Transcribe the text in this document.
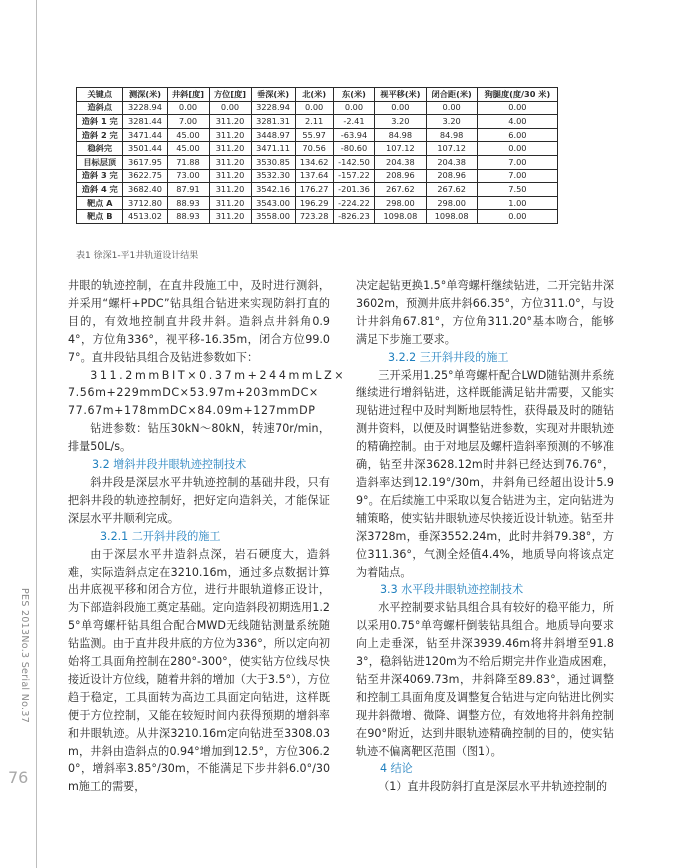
PES 2013No.3 Serial No.37
76
关键点	测深(米)	井斜[度]	方位[度]	垂深(米)	北(米)	东(米)	视平移(米)	闭合距(米)	狗腿度(度/30 米)
造斜点	3228.94	0.00	0.00	3228.94	0.00	0.00	0.00	0.00	0.00
造斜 1 完	3281.44	7.00	311.20	3281.31	2.11	-2.41	3.20	3.20	4.00
造斜 2 完	3471.44	45.00	311.20	3448.97	55.97	-63.94	84.98	84.98	6.00
稳斜完	3501.44	45.00	311.20	3471.11	70.56	-80.60	107.12	107.12	0.00
目标层顶	3617.95	71.88	311.20	3530.85	134.62	-142.50	204.38	204.38	7.00
造斜 3 完	3622.75	73.00	311.20	3532.30	137.64	-157.22	208.96	208.96	7.00
造斜 4 完	3682.40	87.91	311.20	3542.16	176.27	-201.36	267.62	267.62	7.50
靶点 A	3712.80	88.93	311.20	3543.00	196.29	-224.22	298.00	298.00	1.00
靶点 B	4513.02	88.93	311.20	3558.00	723.28	-826.23	1098.08	1098.08	0.00
表1 徐深1-平1井轨道设计结果

井眼的轨迹控制，在直井段施工中，及时进行测斜，并采用“螺杆+PDC”钻具组合钻进来实现防斜打直的目的，有效地控制直井段井斜。造斜点井斜角0.94°，方位角336°，视平移-16.35m，闭合方位99.07°。直井段钻具组合及钻进参数如下：

311.2mmBIT×0.37m+244mmLZ×

7.56m+229mmDC×53.97m+203mmDC×

77.67m+178mmDC×84.09m+127mmDP

钻进参数：钻压30kN～80kN，转速70r/min，排量50L/s。

3.2 增斜井段井眼轨迹控制技术

斜井段是深层水平井轨迹控制的基础井段，只有把斜井段的轨迹控制好，把好定向造斜关，才能保证深层水平井顺利完成。

3.2.1 二开斜井段的施工

由于深层水平井造斜点深，岩石硬度大，造斜难，实际造斜点定在3210.16m，通过多点数据计算出井底视平移和闭合方位，进行井眼轨道修正设计，为下部造斜段施工奠定基础。定向造斜段初期选用1.25°单弯螺杆钻具组合配合MWD无线随钻测量系统随钻监测。由于直井段井底的方位为336°，所以定向初始将工具面角控制在280°-300°，使实钻方位线尽快接近设计方位线，随着井斜的增加（大于3.5°），方位趋于稳定，工具面转为高边工具面定向钻进，这样既便于方位控制，又能在较短时间内获得预期的增斜率和井眼轨迹。从井深3210.16m定向钻进至3308.03m，井斜由造斜点的0.94°增加到12.5°，方位306.20°，增斜率3.85°/30m，不能满足下步井斜6.0°/30m施工的需要，

决定起钻更换1.5°单弯螺杆继续钻进，二开完钻井深3602m，预测井底井斜66.35°，方位311.0°，与设计井斜角67.81°，方位角311.20°基本吻合，能够满足下步施工要求。

3.2.2 三开斜井段的施工

三开采用1.25°单弯螺杆配合LWD随钻测井系统继续进行增斜钻进，这样既能满足钻井需要，又能实现钻进过程中及时判断地层特性，获得最及时的随钻测井资料，以便及时调整钻进参数，实现对井眼轨迹的精确控制。由于对地层及螺杆造斜率预测的不够准确，钻至井深3628.12m时井斜已经达到76.76°，造斜率达到12.19°/30m，井斜角已经超出设计5.99°。在后续施工中采取以复合钻进为主，定向钻进为辅策略，使实钻井眼轨迹尽快接近设计轨迹。钻至井深3728m，垂深3552.24m，此时井斜79.38°，方位311.36°，气测全烃值4.4%，地质导向将该点定为着陆点。

3.3 水平段井眼轨迹控制技术

水平控制要求钻具组合具有较好的稳平能力，所以采用0.75°单弯螺杆倒装钻具组合。地质导向要求向上走垂深，钻至井深3939.46m将井斜增至91.83°，稳斜钻进120m为不给后期完井作业造成困难，钻至井深4069.73m，井斜降至89.83°，通过调整和控制工具面角度及调整复合钻进与定向钻进比例实现井斜微增、微降、调整方位，有效地将井斜角控制在90°附近，达到井眼轨迹精确控制的目的，使实钻轨迹不偏离靶区范围（图1）。

4 结论

（1）直井段防斜打直是深层水平井轨迹控制的
